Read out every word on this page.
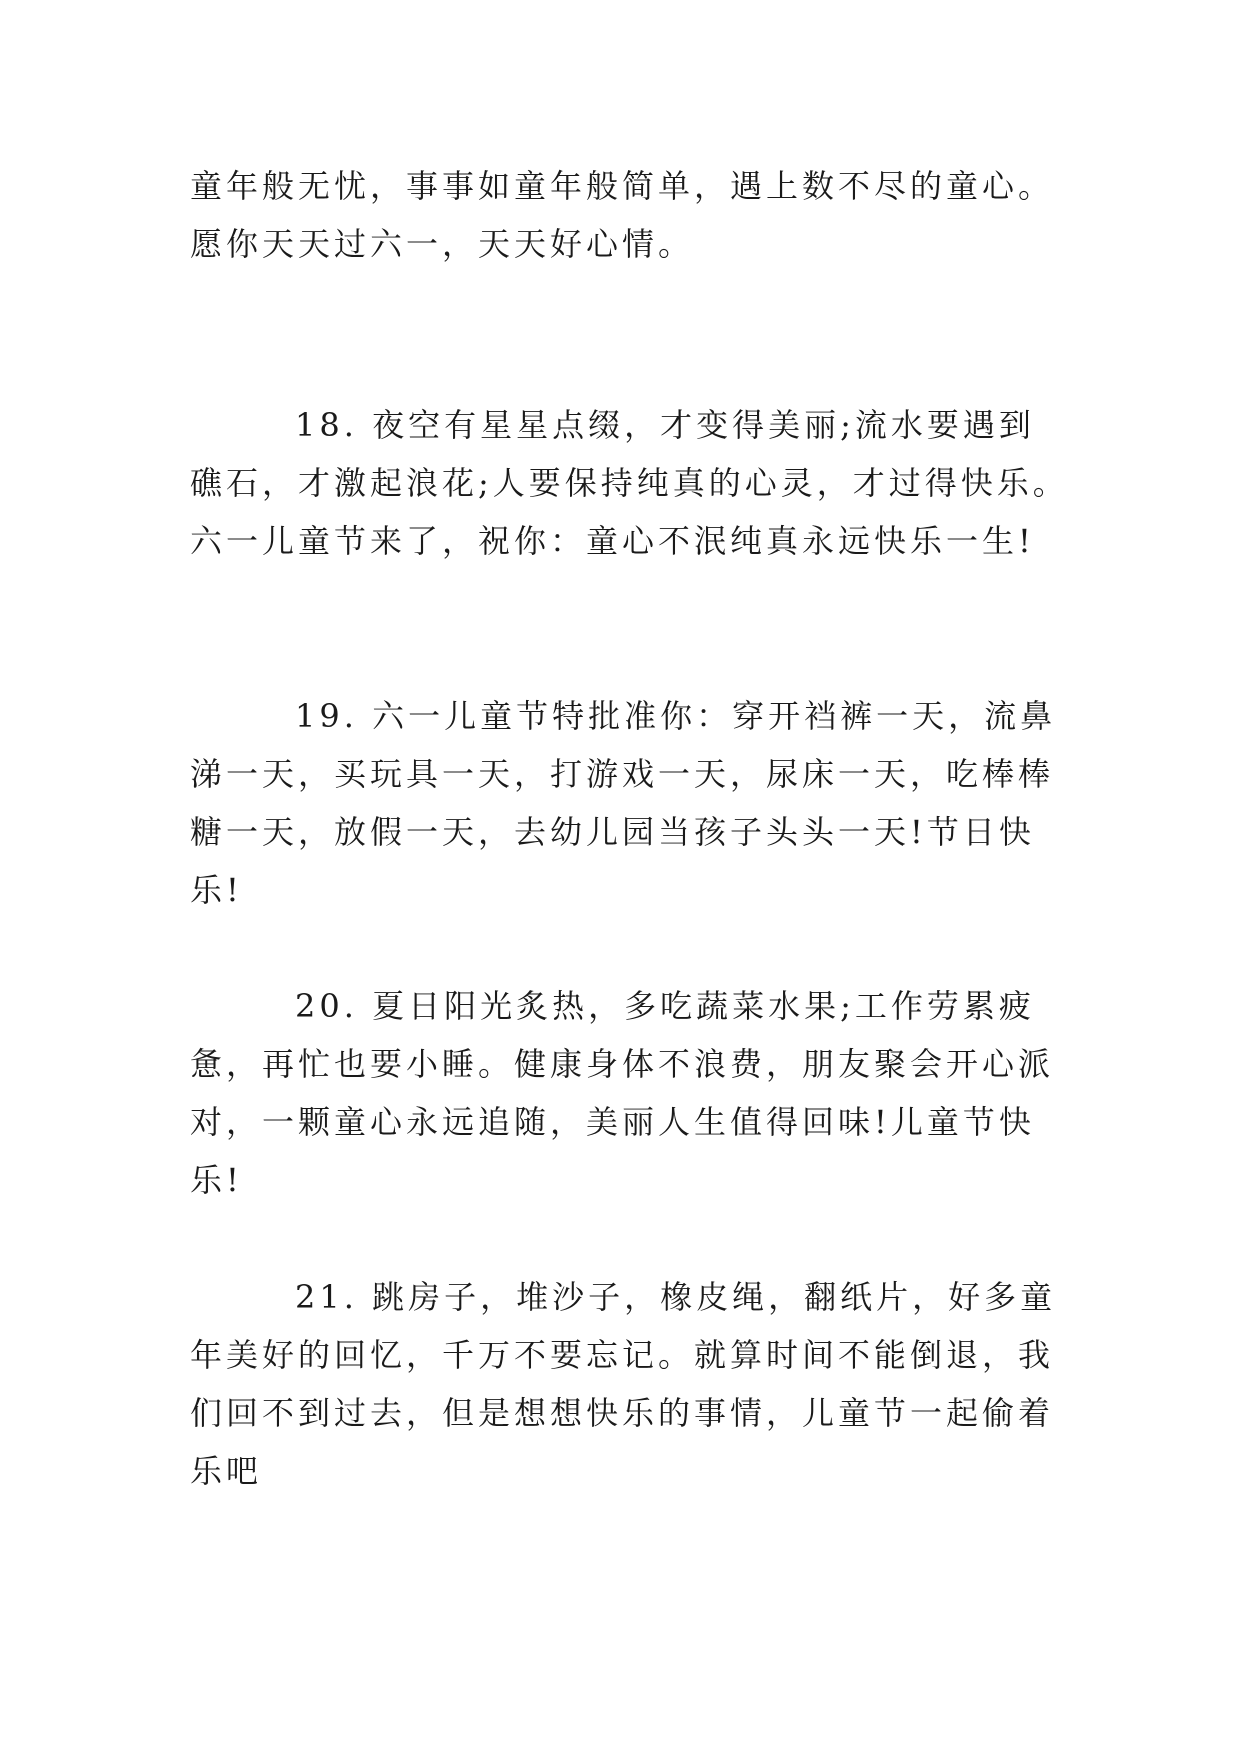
童年般无忧，事事如童年般简单，遇上数不尽的童心。愿你天天过六一，天天好心情。

18. 夜空有星星点缀，才变得美丽;流水要遇到礁石，才激起浪花;人要保持纯真的心灵，才过得快乐。六一儿童节来了，祝你：童心不泯纯真永远快乐一生!

19. 六一儿童节特批准你：穿开裆裤一天，流鼻涕一天，买玩具一天，打游戏一天，尿床一天，吃棒棒糖一天，放假一天，去幼儿园当孩子头头一天!节日快乐!

20. 夏日阳光炙热，多吃蔬菜水果;工作劳累疲惫，再忙也要小睡。健康身体不浪费，朋友聚会开心派对，一颗童心永远追随，美丽人生值得回味!儿童节快乐!

21. 跳房子，堆沙子，橡皮绳，翻纸片，好多童年美好的回忆，千万不要忘记。就算时间不能倒退，我们回不到过去，但是想想快乐的事情，儿童节一起偷着乐吧
